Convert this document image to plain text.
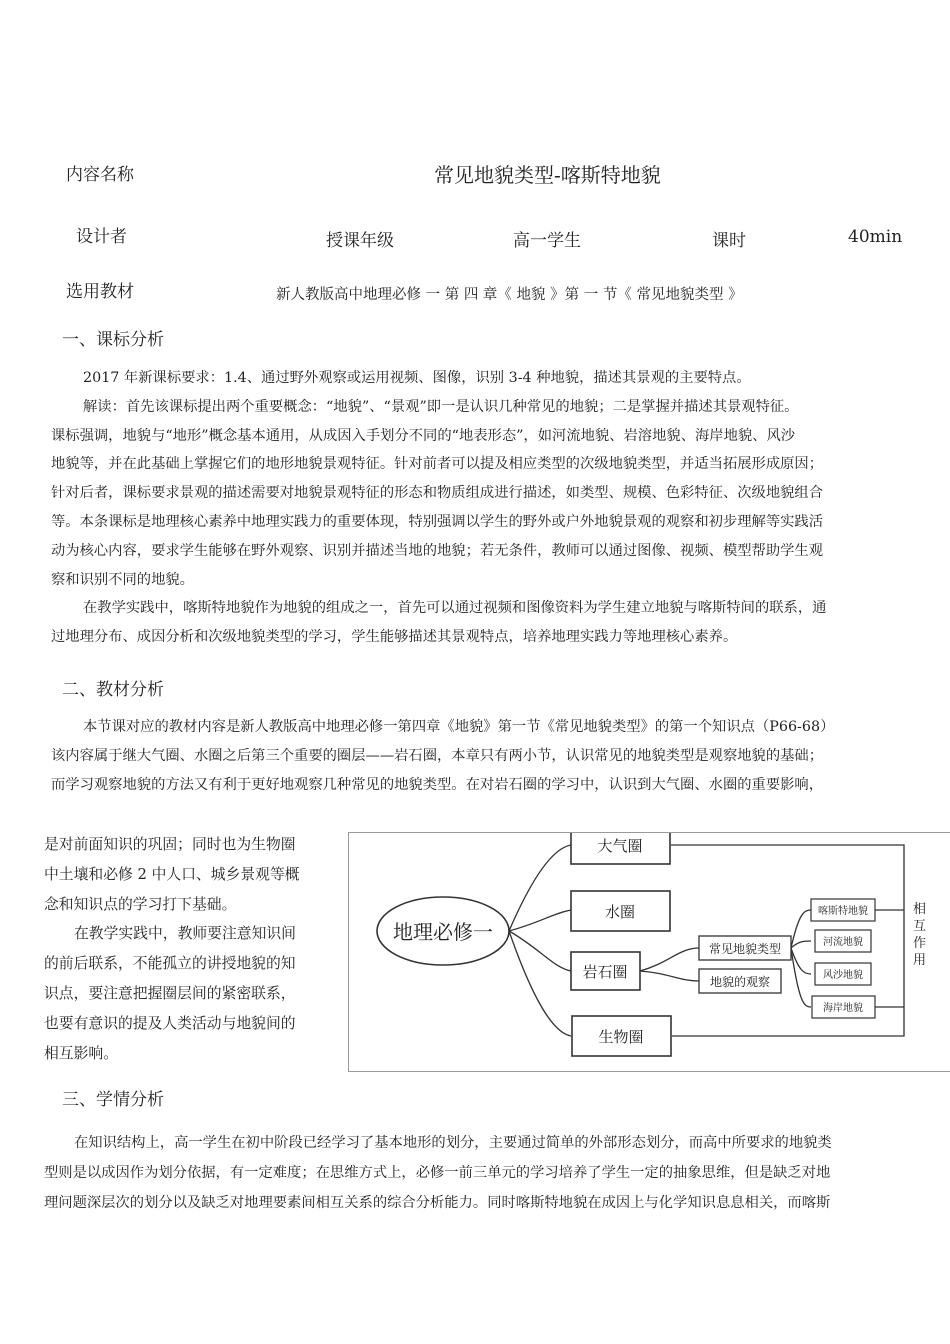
内容名称	常见地貌类型-喀斯特地貌
设计者	授课年级	高一学生	课时	40min
选用教材	新人教版高中地理必修 一 第 四 章《 地貌 》第 一 节《 常见地貌类型 》
一、课标分析
2017 年新课标要求：1.4、通过野外观察或运用视频、图像，识别 3-4 种地貌，描述其景观的主要特点。
解读：首先该课标提出两个重要概念：“地貌”、“景观”即一是认识几种常见的地貌；二是掌握并描述其景观特征。
课标强调，地貌与“地形”概念基本通用，从成因入手划分不同的“地表形态”，如河流地貌、岩溶地貌、海岸地貌、风沙
地貌等，并在此基础上掌握它们的地形地貌景观特征。针对前者可以提及相应类型的次级地貌类型，并适当拓展形成原因；
针对后者，课标要求景观的描述需要对地貌景观特征的形态和物质组成进行描述，如类型、规模、色彩特征、次级地貌组合
等。本条课标是地理核心素养中地理实践力的重要体现，特别强调以学生的野外或户外地貌景观的观察和初步理解等实践活
动为核心内容，要求学生能够在野外观察、识别并描述当地的地貌；若无条件，教师可以通过图像、视频、模型帮助学生观
察和识别不同的地貌。
在教学实践中，喀斯特地貌作为地貌的组成之一，首先可以通过视频和图像资料为学生建立地貌与喀斯特间的联系，通
过地理分布、成因分析和次级地貌类型的学习，学生能够描述其景观特点，培养地理实践力等地理核心素养。
二、教材分析
本节课对应的教材内容是新人教版高中地理必修一第四章《地貌》第一节《常见地貌类型》的第一个知识点（P66-68）
该内容属于继大气圈、水圈之后第三个重要的圈层——岩石圈，本章只有两小节，认识常见的地貌类型是观察地貌的基础；
而学习观察地貌的方法又有利于更好地观察几种常见的地貌类型。在对岩石圈的学习中，认识到大气圈、水圈的重要影响，
是对前面知识的巩固；同时也为生物圈
中土壤和必修 2 中人口、城乡景观等概
念和知识点的学习打下基础。
在教学实践中，教师要注意知识间
的前后联系，不能孤立的讲授地貌的知
识点，要注意把握圈层间的紧密联系，
也要有意识的提及人类活动与地貌间的
相互影响。
地理必修一
大气圈
水圈
岩石圈
生物圈
常见地貌类型
地貌的观察
喀斯特地貌
河流地貌
风沙地貌
海岸地貌
相
互
作
用
三、学情分析
在知识结构上，高一学生在初中阶段已经学习了基本地形的划分，主要通过简单的外部形态划分，而高中所要求的地貌类
型则是以成因作为划分依据，有一定难度；在思维方式上，必修一前三单元的学习培养了学生一定的抽象思维，但是缺乏对地
理问题深层次的划分以及缺乏对地理要素间相互关系的综合分析能力。同时喀斯特地貌在成因上与化学知识息息相关，而喀斯
